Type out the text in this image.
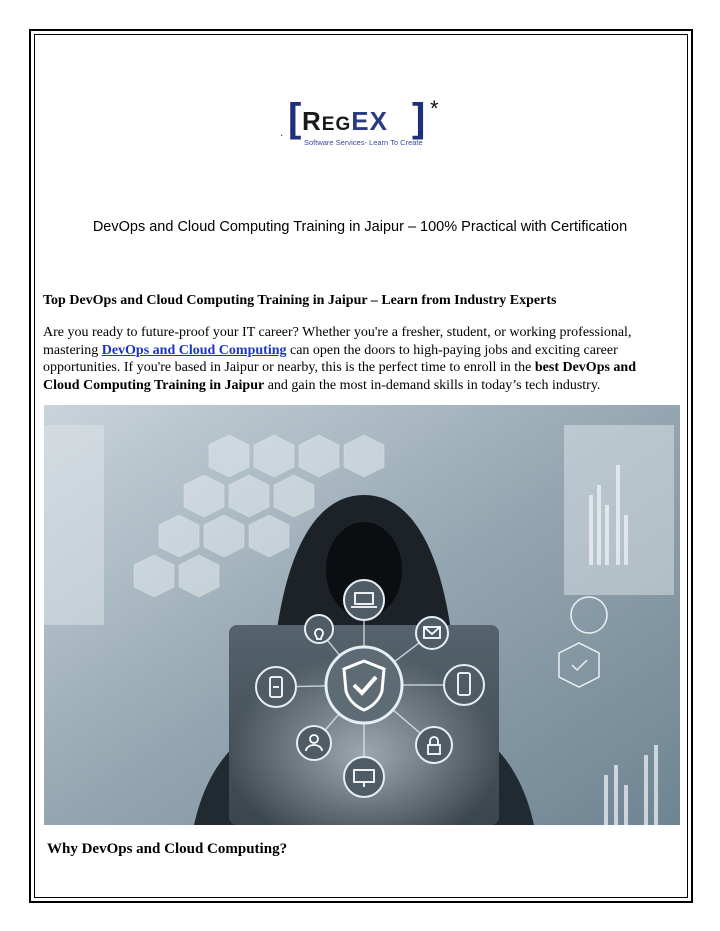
. [ REGEX ] *
Software Services- Learn To Create
DevOps and Cloud Computing Training in Jaipur – 100% Practical with Certification
Top DevOps and Cloud Computing Training in Jaipur – Learn from Industry Experts

Are you ready to future-proof your IT career? Whether you're a fresher, student, or working professional, mastering DevOps and Cloud Computing can open the doors to high-paying jobs and exciting career opportunities. If you're based in Jaipur or nearby, this is the perfect time to enroll in the best DevOps and Cloud Computing Training in Jaipur and gain the most in-demand skills in today’s tech industry.

Why DevOps and Cloud Computing?
